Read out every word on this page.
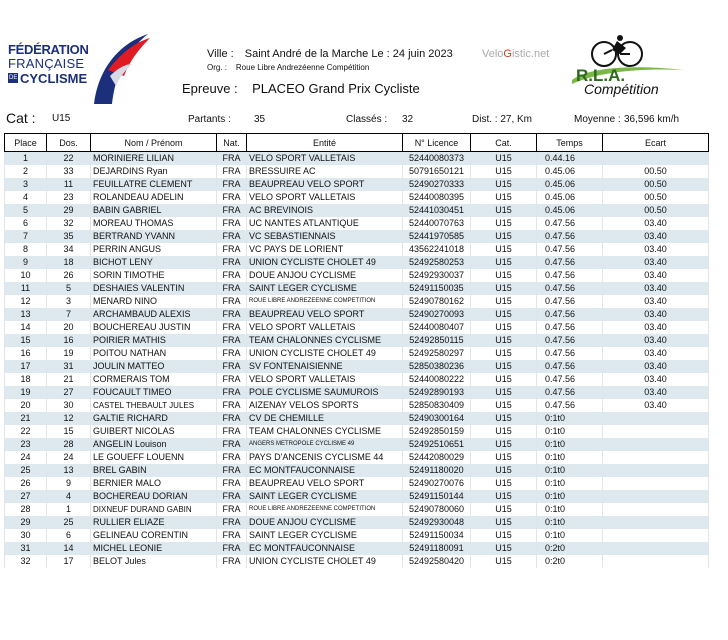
FÉDÉRATION
FRANÇAISE
DE CYCLISME	R.L.A.
Compétition
Ville : Saint André de la Marche Le : 24 juin 2023	VeloGistic.net
Org. : Roue Libre Andrezéenne Compétition
Epreuve : PLACEO Grand Prix Cycliste
Cat : U15	Partants : 35	Classés : 32	Dist. : 27, Km	Moyenne : 36,596 km/h
Place	Dos.	Nom / Prénom	Nat.	Entité	N° Licence	Cat.	Temps	Ecart
1	22	MORINIERE LILIAN	FRA	VELO SPORT VALLETAIS	52440080373	U15	0.44.16	
2	33	DEJARDINS Ryan	FRA	BRESSUIRE AC	50791650121	U15	0.45.06	00.50
3	11	FEUILLATRE CLEMENT	FRA	BEAUPREAU VELO SPORT	52490270333	U15	0.45.06	00.50
4	23	ROLANDEAU ADELIN	FRA	VELO SPORT VALLETAIS	52440080395	U15	0.45.06	00.50
5	29	BABIN GABRIEL	FRA	AC BREVINOIS	52441030451	U15	0.45.06	00.50
6	32	MOREAU THOMAS	FRA	UC NANTES ATLANTIQUE	52440070763	U15	0.47.56	03.40
7	35	BERTRAND YVANN	FRA	VC SEBASTIENNAIS	52441970585	U15	0.47.56	03.40
8	34	PERRIN ANGUS	FRA	VC PAYS DE LORIENT	43562241018	U15	0.47.56	03.40
9	18	BICHOT LENY	FRA	UNION CYCLISTE CHOLET 49	52492580253	U15	0.47.56	03.40
10	26	SORIN TIMOTHE	FRA	DOUE ANJOU CYCLISME	52492930037	U15	0.47.56	03.40
11	5	DESHAIES VALENTIN	FRA	SAINT LEGER CYCLISME	52491150035	U15	0.47.56	03.40
12	3	MENARD NINO	FRA	ROUE LIBRE ANDREZEENNE COMPETITION	52490780162	U15	0.47.56	03.40
13	7	ARCHAMBAUD ALEXIS	FRA	BEAUPREAU VELO SPORT	52490270093	U15	0.47.56	03.40
14	20	BOUCHEREAU JUSTIN	FRA	VELO SPORT VALLETAIS	52440080407	U15	0.47.56	03.40
15	16	POIRIER MATHIS	FRA	TEAM CHALONNES CYCLISME	52492850115	U15	0.47.56	03.40
16	19	POITOU NATHAN	FRA	UNION CYCLISTE CHOLET 49	52492580297	U15	0.47.56	03.40
17	31	JOULIN MATTEO	FRA	SV FONTENAISIENNE	52850380236	U15	0.47.56	03.40
18	21	CORMERAIS TOM	FRA	VELO SPORT VALLETAIS	52440080222	U15	0.47.56	03.40
19	27	FOUCAULT TIMEO	FRA	POLE CYCLISME SAUMUROIS	52492890193	U15	0.47.56	03.40
20	30	CASTEL THEBAULT JULES	FRA	AIZENAY VELOS SPORTS	52850830409	U15	0.47.56	03.40
21	12	GALTIE RICHARD	FRA	CV DE CHEMILLE	52490300164	U15	0:1t0	
22	15	GUIBERT NICOLAS	FRA	TEAM CHALONNES CYCLISME	52492850159	U15	0:1t0	
23	28	ANGELIN Louison	FRA	ANGERS METROPOLE CYCLISME 49	52492510651	U15	0:1t0	
24	24	LE GOUEFF LOUENN	FRA	PAYS D'ANCENIS CYCLISME 44	52442080029	U15	0:1t0	
25	13	BREL GABIN	FRA	EC MONTFAUCONNAISE	52491180020	U15	0:1t0	
26	9	BERNIER MALO	FRA	BEAUPREAU VELO SPORT	52490270076	U15	0:1t0	
27	4	BOCHEREAU DORIAN	FRA	SAINT LEGER CYCLISME	52491150144	U15	0:1t0	
28	1	DIXNEUF DURAND GABIN	FRA	ROUE LIBRE ANDREZEENNE COMPETITION	52490780060	U15	0:1t0	
29	25	RULLIER ELIAZE	FRA	DOUE ANJOU CYCLISME	52492930048	U15	0:1t0	
30	6	GELINEAU CORENTIN	FRA	SAINT LEGER CYCLISME	52491150034	U15	0:1t0	
31	14	MICHEL LEONIE	FRA	EC MONTFAUCONNAISE	52491180091	U15	0:2t0	
32	17	BELOT Jules	FRA	UNION CYCLISTE CHOLET 49	52492580420	U15	0:2t0	
